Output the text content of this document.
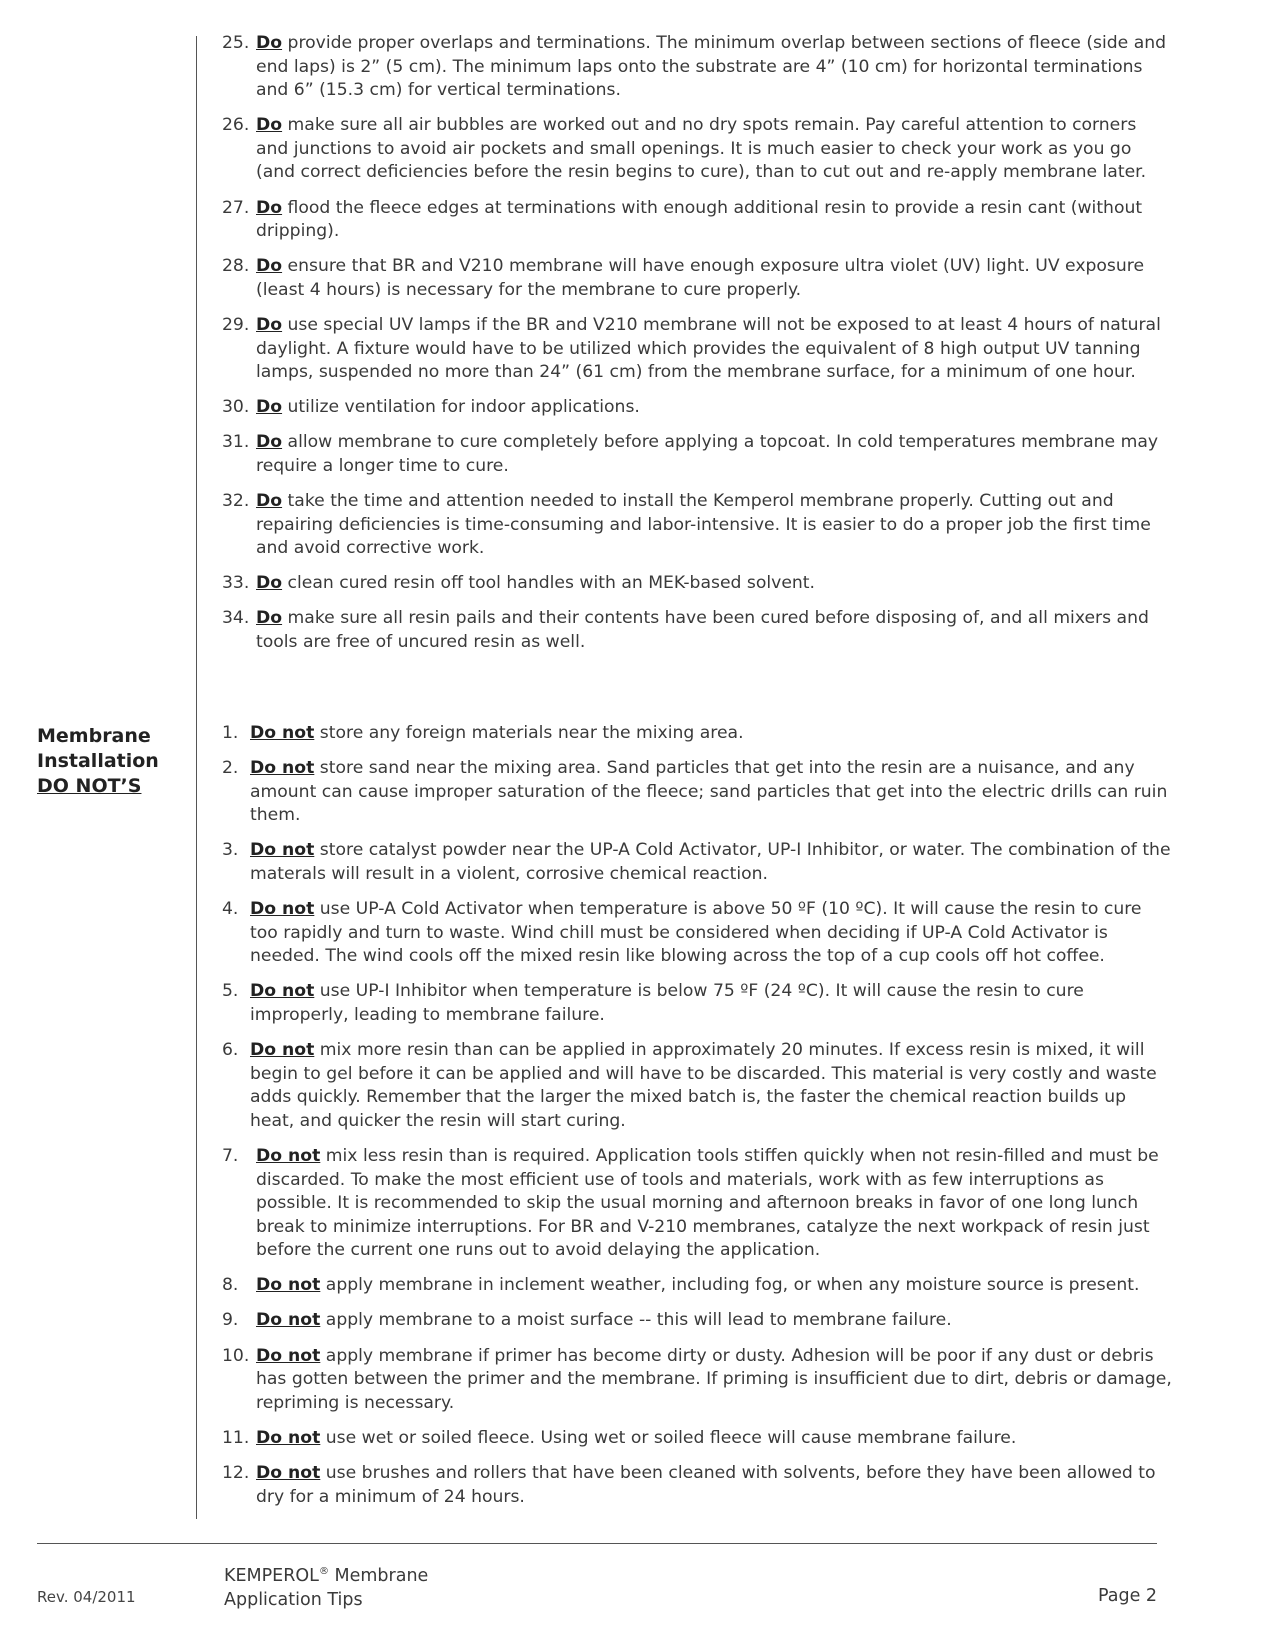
25. Do provide proper overlaps and terminations. The minimum overlap between sections of fleece (side and end laps) is 2” (5 cm). The minimum laps onto the substrate are 4” (10 cm) for horizontal terminations and 6” (15.3 cm) for vertical terminations.
26. Do make sure all air bubbles are worked out and no dry spots remain. Pay careful attention to corners and junctions to avoid air pockets and small openings. It is much easier to check your work as you go (and correct deficiencies before the resin begins to cure), than to cut out and re-apply membrane later.
27. Do flood the fleece edges at terminations with enough additional resin to provide a resin cant (without dripping).
28. Do ensure that BR and V210 membrane will have enough exposure ultra violet (UV) light. UV exposure (least 4 hours) is necessary for the membrane to cure properly.
29. Do use special UV lamps if the BR and V210 membrane will not be exposed to at least 4 hours of natural daylight. A fixture would have to be utilized which provides the equivalent of 8 high output UV tanning lamps, suspended no more than 24” (61 cm) from the membrane surface, for a minimum of one hour.
30. Do utilize ventilation for indoor applications.
31. Do allow membrane to cure completely before applying a topcoat. In cold temperatures membrane may require a longer time to cure.
32. Do take the time and attention needed to install the Kemperol membrane properly. Cutting out and repairing deficiencies is time-consuming and labor-intensive. It is easier to do a proper job the first time and avoid corrective work.
33. Do clean cured resin off tool handles with an MEK-based solvent.
34. Do make sure all resin pails and their contents have been cured before disposing of, and all mixers and tools are free of uncured resin as well.
Membrane
Installation
DO NOT’S
1. Do not store any foreign materials near the mixing area.
2. Do not store sand near the mixing area. Sand particles that get into the resin are a nuisance, and any amount can cause improper saturation of the fleece; sand particles that get into the electric drills can ruin them.
3. Do not store catalyst powder near the UP-A Cold Activator, UP-I Inhibitor, or water. The combination of the materals will result in a violent, corrosive chemical reaction.
4. Do not use UP-A Cold Activator when temperature is above 50 ºF (10 ºC). It will cause the resin to cure too rapidly and turn to waste. Wind chill must be considered when deciding if UP-A Cold Activator is needed. The wind cools off the mixed resin like blowing across the top of a cup cools off hot coffee.
5. Do not use UP-I Inhibitor when temperature is below 75 ºF (24 ºC). It will cause the resin to cure improperly, leading to membrane failure.
6. Do not mix more resin than can be applied in approximately 20 minutes. If excess resin is mixed, it will begin to gel before it can be applied and will have to be discarded. This material is very costly and waste adds quickly. Remember that the larger the mixed batch is, the faster the chemical reaction builds up heat, and quicker the resin will start curing.
7. Do not mix less resin than is required. Application tools stiffen quickly when not resin-filled and must be discarded. To make the most efficient use of tools and materials, work with as few interruptions as possible. It is recommended to skip the usual morning and afternoon breaks in favor of one long lunch break to minimize interruptions. For BR and V-210 membranes, catalyze the next workpack of resin just before the current one runs out to avoid delaying the application.
8. Do not apply membrane in inclement weather, including fog, or when any moisture source is present.
9. Do not apply membrane to a moist surface -- this will lead to membrane failure.
10. Do not apply membrane if primer has become dirty or dusty. Adhesion will be poor if any dust or debris has gotten between the primer and the membrane. If priming is insufficient due to dirt, debris or damage, repriming is necessary.
11. Do not use wet or soiled fleece. Using wet or soiled fleece will cause membrane failure.
12. Do not use brushes and rollers that have been cleaned with solvents, before they have been allowed to dry for a minimum of 24 hours.
Rev. 04/2011
KEMPEROL® Membrane
Application Tips	Page 2
